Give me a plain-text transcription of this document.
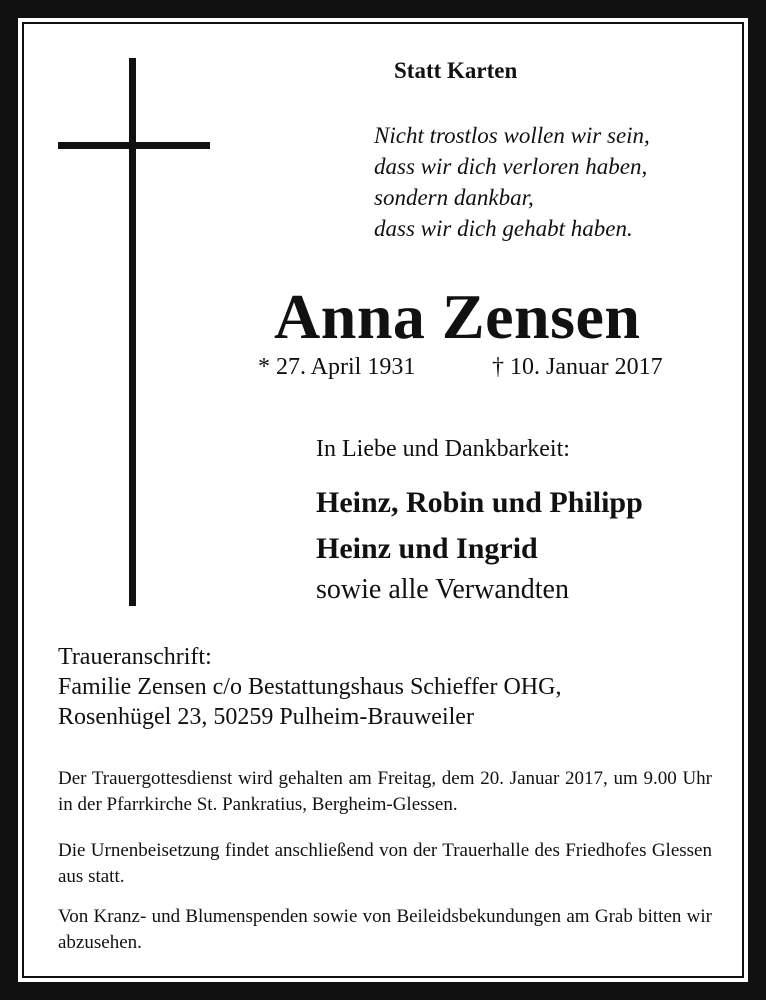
Statt Karten
Nicht trostlos wollen wir sein,
dass wir dich verloren haben,
sondern dankbar,
dass wir dich gehabt haben.
Anna Zensen
* 27. April 1931	† 10. Januar 2017
In Liebe und Dankbarkeit:
Heinz, Robin und Philipp
Heinz und Ingrid
sowie alle Verwandten
Traueranschrift:
Familie Zensen c/o Bestattungshaus Schieffer OHG,
Rosenhügel 23, 50259 Pulheim-Brauweiler
Der Trauergottesdienst wird gehalten am Freitag, dem 20. Januar 2017, um 9.00 Uhr in der Pfarrkirche St. Pankratius, Bergheim-Glessen.
Die Urnenbeisetzung findet anschließend von der Trauerhalle des Friedhofes Glessen aus statt.
Von Kranz- und Blumenspenden sowie von Beileidsbekundungen am Grab bitten wir abzusehen.
